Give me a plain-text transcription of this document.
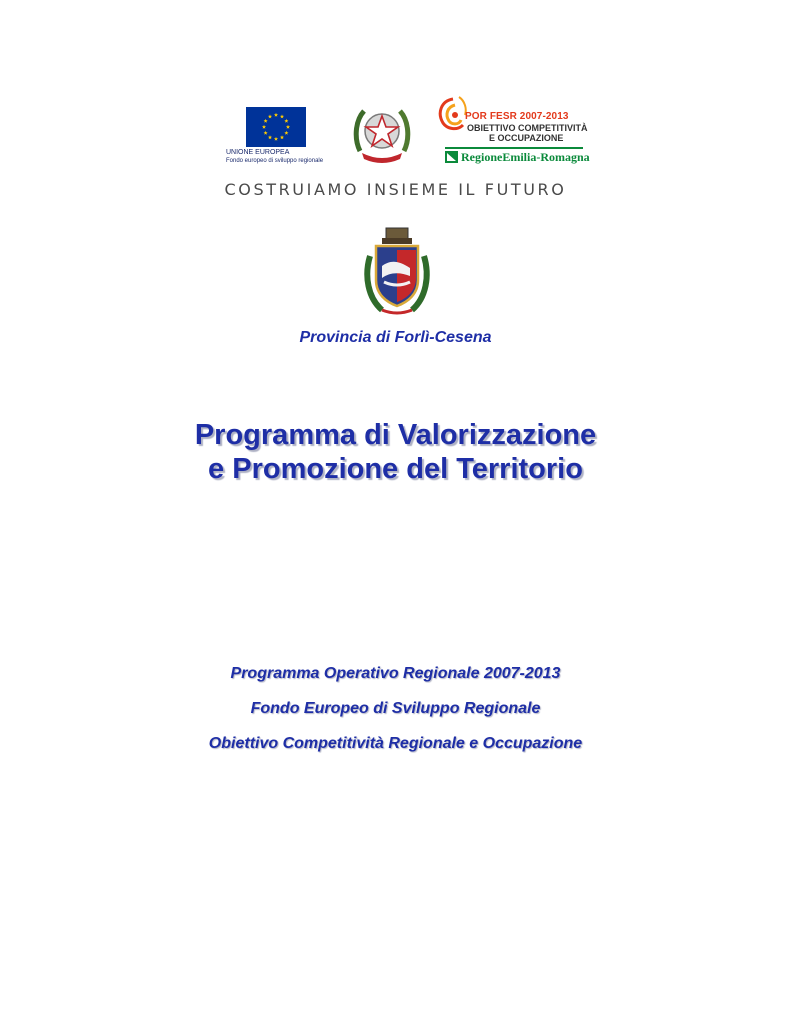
UNIONE EUROPEA
Fondo europeo di sviluppo regionale
POR FESR 2007-2013
OBIETTIVO COMPETITIVITÀ
E OCCUPAZIONE
RegioneEmilia-Romagna
COSTRUIAMO INSIEME IL FUTURO
Provincia di Forlì-Cesena
Programma di Valorizzazione
e Promozione del Territorio
Programma Operativo Regionale 2007-2013
Fondo Europeo di Sviluppo Regionale
Obiettivo Competitività Regionale e Occupazione
